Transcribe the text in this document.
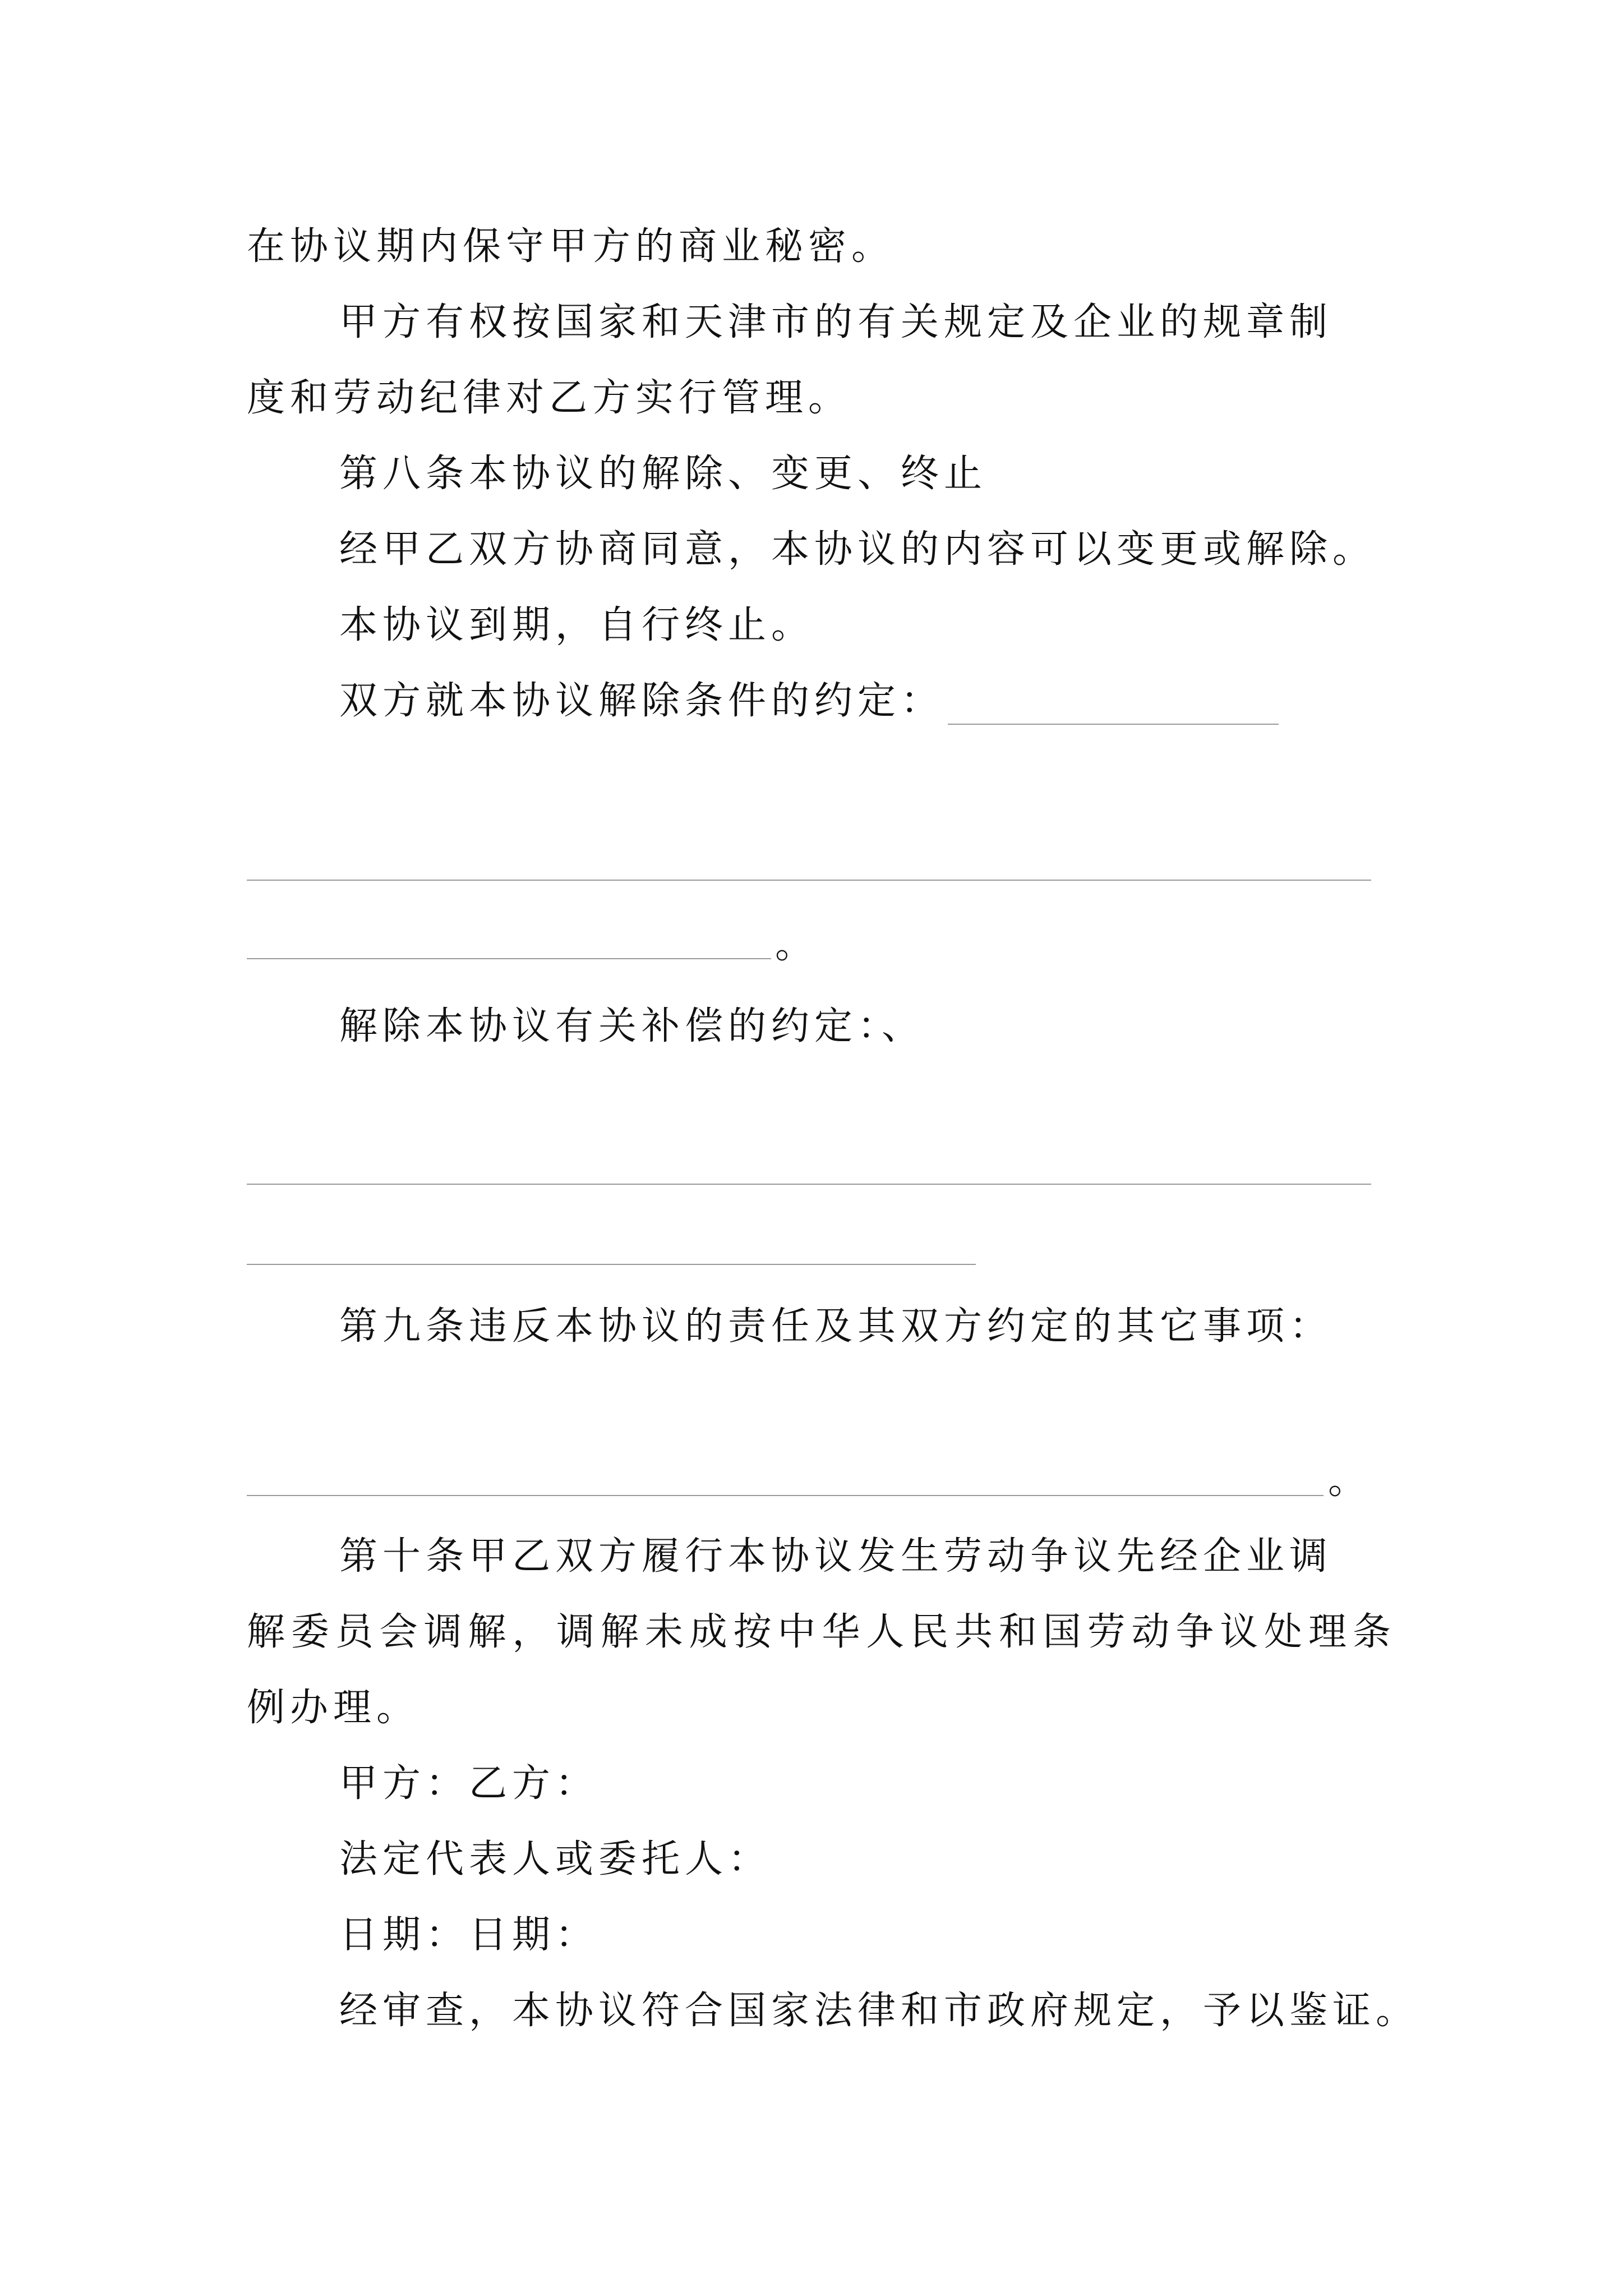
在协议期内保守甲方的商业秘密。
甲方有权按国家和天津市的有关规定及企业的规章制
度和劳动纪律对乙方实行管理。
第八条本协议的解除、变更、终止
经甲乙双方协商同意，本协议的内容可以变更或解除。
本协议到期，自行终止。
双方就本协议解除条件的约定：
。
解除本协议有关补偿的约定：、
第九条违反本协议的责任及其双方约定的其它事项：
。
第十条甲乙双方履行本协议发生劳动争议先经企业调
解 委 员 会 调 解 ， 调 解 未 成 按 中 华 人 民 共 和 国 劳 动 争 议 处 理 条
例办理。
甲方：乙方：
法定代表人或委托人：
日期：日期：
经审查，本协议符合国家法律和市政府规定，予以鉴证。
